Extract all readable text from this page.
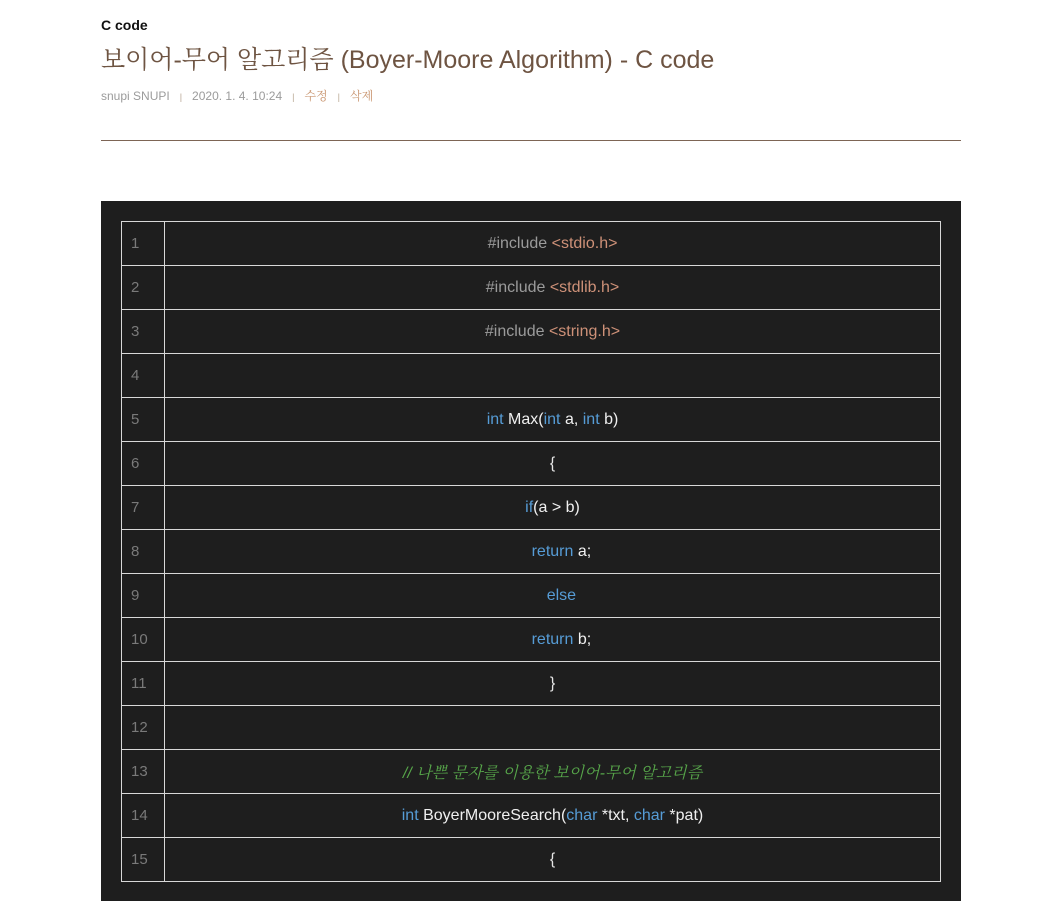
C code
보이어-무어 알고리즘 (Boyer-Moore Algorithm) - C code
snupi SNUPI | 2020. 1. 4. 10:24 | 수정 | 삭제
1	#include <stdio.h>
2	#include <stdlib.h>
3	#include <string.h>
4	
5	int Max(int a, int b)
6	{
7	if(a > b)
8	return a;
9	else
10	return b;
11	}
12	
13	// 나쁜 문자를 이용한 보이어-무어 알고리즘
14	int BoyerMooreSearch(char *txt, char *pat)
15	{
